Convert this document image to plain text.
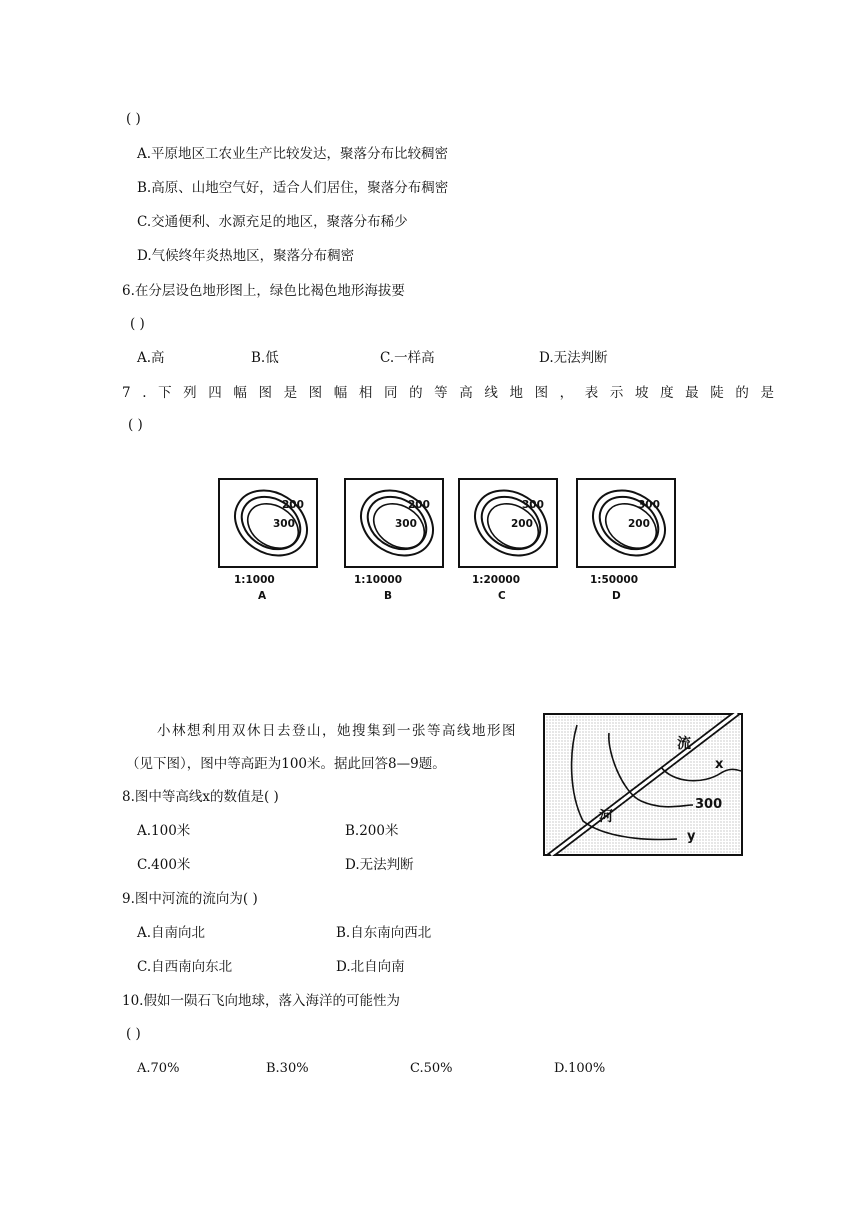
( )
A.平原地区工农业生产比较发达，聚落分布比较稠密
B.高原、山地空气好，适合人们居住，聚落分布稠密
C.交通便利、水源充足的地区，聚落分布稀少
D.气候终年炎热地区，聚落分布稠密
6.在分层设色地形图上，绿色比褐色地形海拔要
( )
A.高	B.低	C.一样高	D.无法判断
7.下列四幅图是图幅相同的等高线地图，表示坡度最陡的是
( )
200
300
1:1000
A
200
300
1:10000
B
300
200
1:20000
C
300
200
1:50000
D
小林想利用双休日去登山，她搜集到一张等高线地形图
（见下图），图中等高距为100米。据此回答8—9题。
流
河
x
300
y
8.图中等高线x的数值是( )
A.100米	B.200米
C.400米	D.无法判断
9.图中河流的流向为( )
A.自南向北	B.自东南向西北
C.自西南向东北	D.北自向南
10.假如一陨石飞向地球，落入海洋的可能性为
( )
A.70%	B.30%	C.50%	D.100%
